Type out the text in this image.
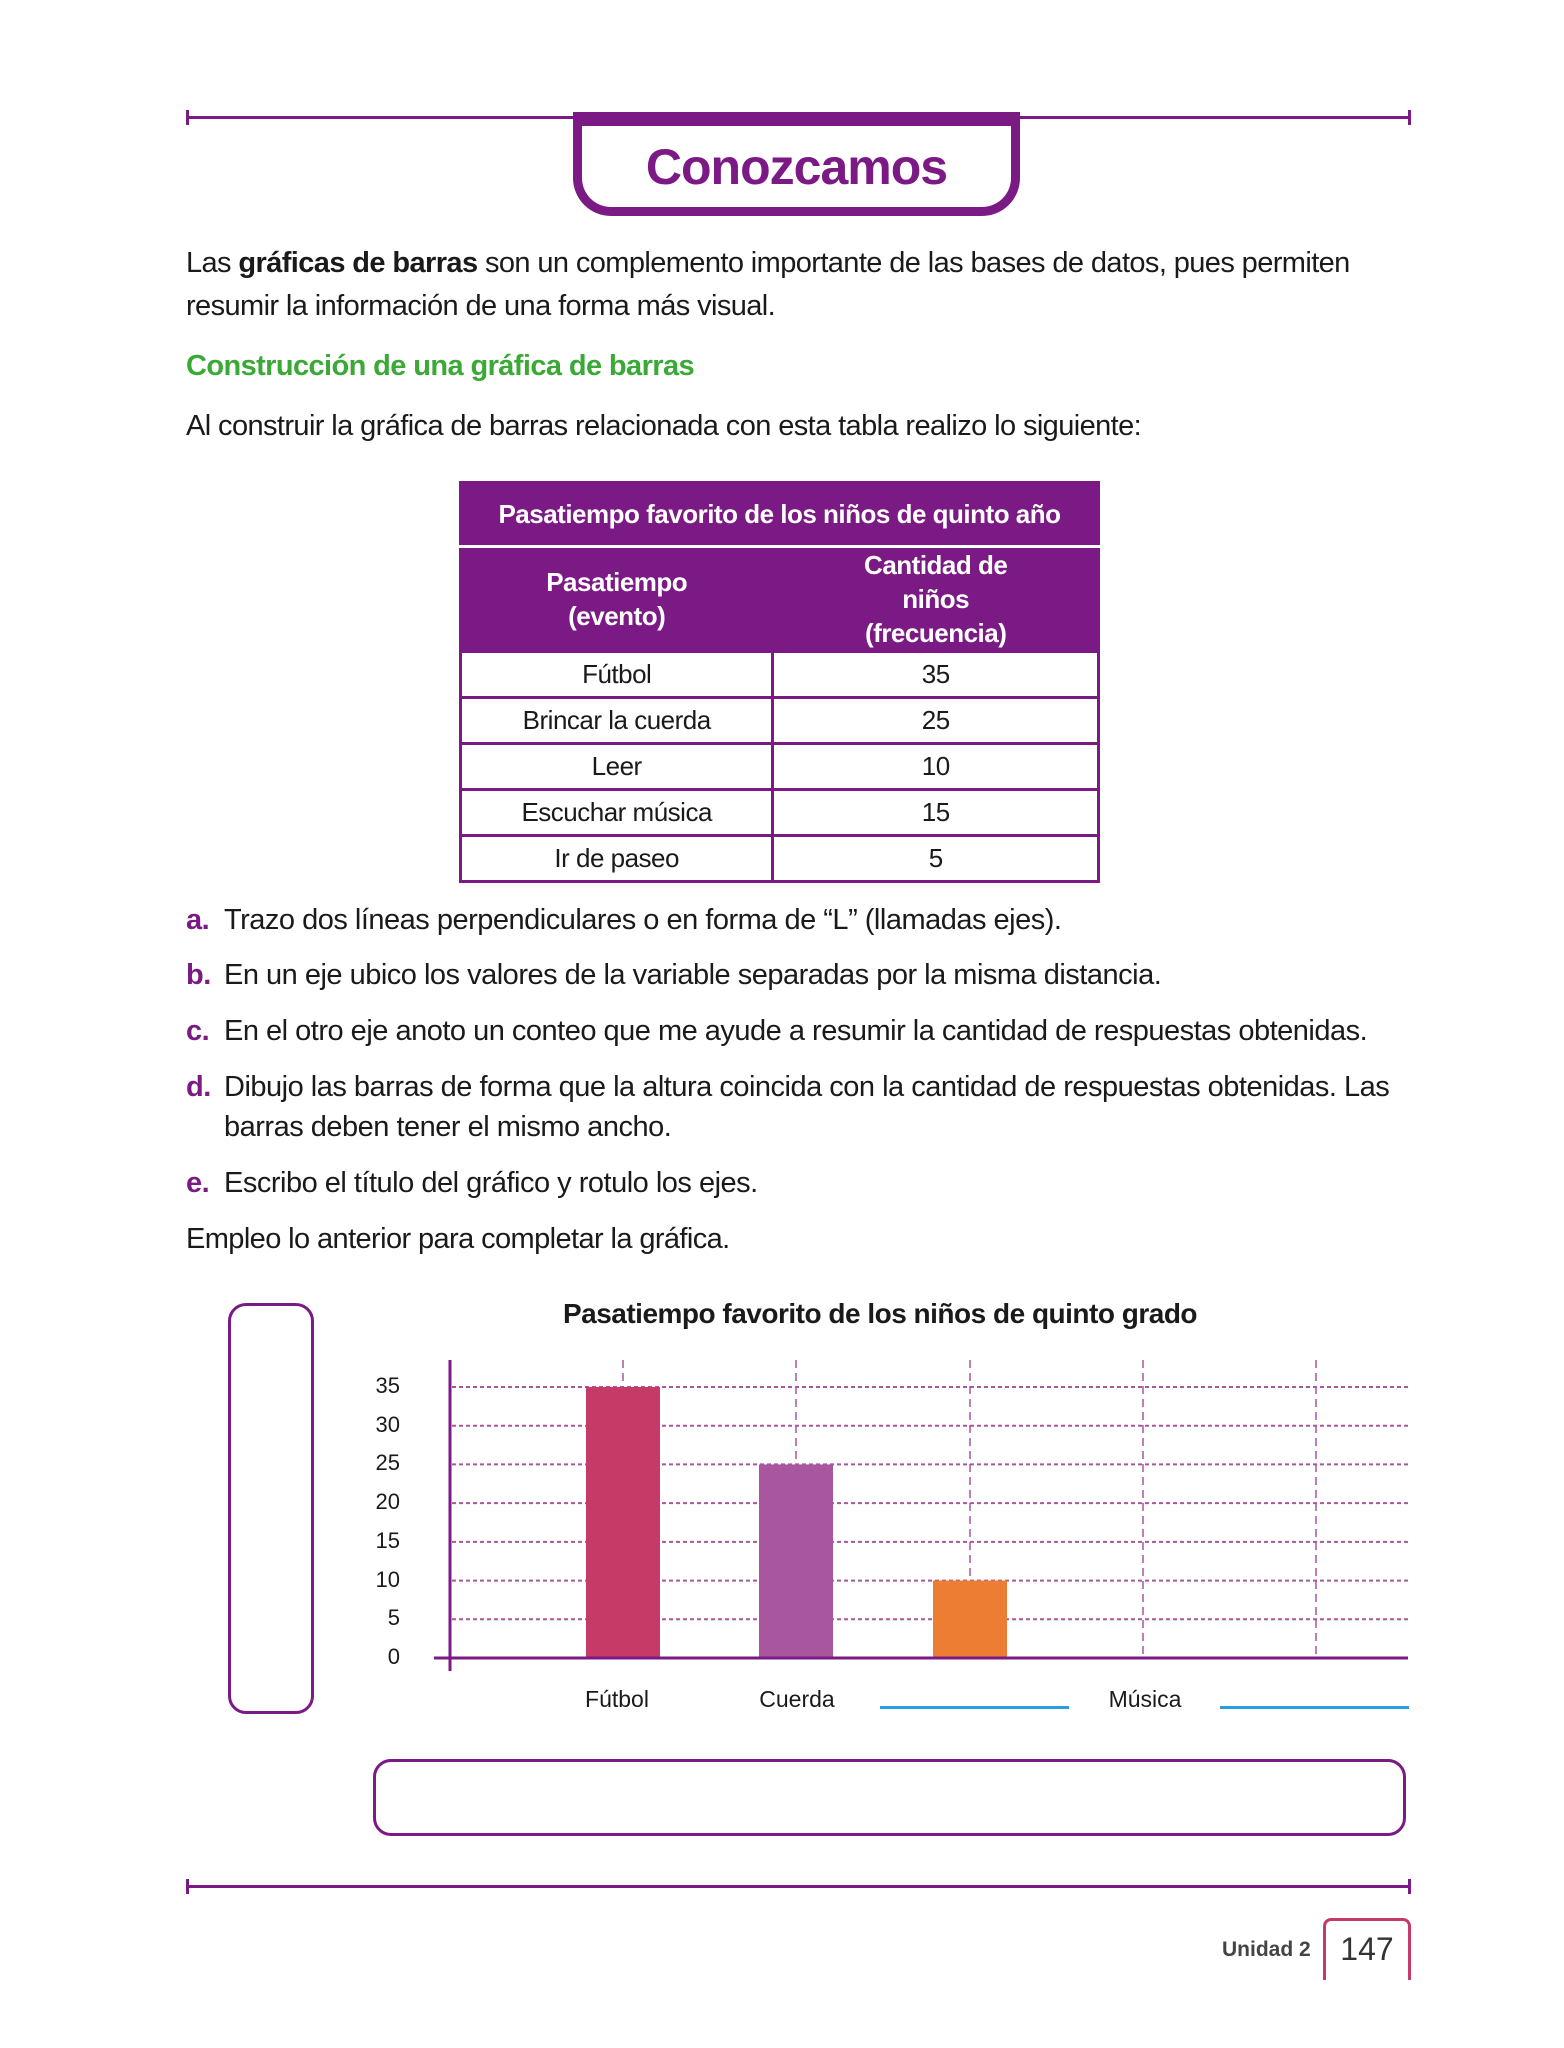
Conozcamos
Las gráficas de barras son un complemento importante de las bases de datos, pues permiten resumir la información de una forma más visual.
Construcción de una gráfica de barras
Al construir la gráfica de barras relacionada con esta tabla realizo lo siguiente:
Pasatiempo favorito de los niños de quinto año	
Pasatiempo (evento)	Cantidad de niños (frecuencia)
Fútbol	35
Brincar la cuerda	25
Leer	10
Escuchar música	15
Ir de paseo	5
a. Trazo dos líneas perpendiculares o en forma de “L” (llamadas ejes).
b. En un eje ubico los valores de la variable separadas por la misma distancia.
c. En el otro eje anoto un conteo que me ayude a resumir la cantidad de respuestas obtenidas.
d. Dibujo las barras de forma que la altura coincida con la cantidad de respuestas obtenidas. Las barras deben tener el mismo ancho.
e. Escribo el título del gráfico y rotulo los ejes.
Empleo lo anterior para completar la gráfica.
Pasatiempo favorito de los niños de quinto grado
0
5
10
15
20
25
30
35
Fútbol	Cuerda	Música
Unidad 2 147
